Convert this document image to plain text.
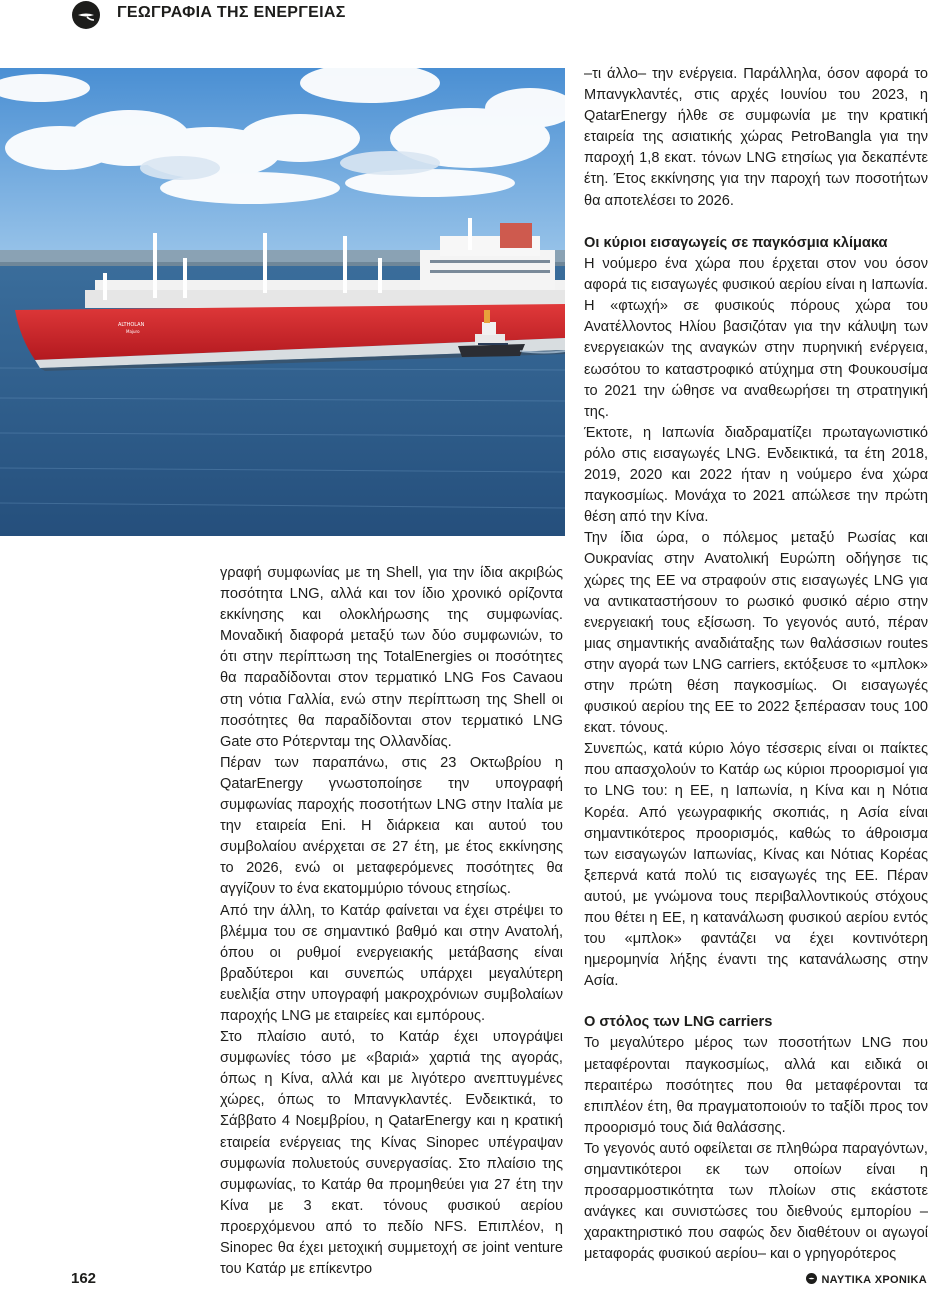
ΓΕΩΓΡΑΦΙΑ ΤΗΣ ΕΝΕΡΓΕΙΑΣ
ALTHOLAN
Majuro

γραφή συμφωνίας με τη Shell, για την ίδια ακριβώς ποσότητα LNG, αλλά και τον ίδιο χρονικό ορίζοντα εκκίνησης και ολοκλήρωσης της συμφωνίας. Μοναδική διαφορά μεταξύ των δύο συμφωνιών, το ότι στην περίπτωση της TotalEnergies οι ποσότητες θα παραδίδονται στον τερματικό LNG Fos Cavaou στη νότια Γαλλία, ενώ στην περίπτωση της Shell οι ποσότητες θα παραδίδονται στον τερματικό LNG Gate στο Ρότερνταμ της Ολλανδίας.

Πέραν των παραπάνω, στις 23 Οκτωβρίου η QatarEnergy γνωστοποίησε την υπογραφή συμφωνίας παροχής ποσοτήτων LNG στην Ιταλία με την εταιρεία Eni. Η διάρκεια και αυτού του συμβολαίου ανέρχεται σε 27 έτη, με έτος εκκίνησης το 2026, ενώ οι μεταφερόμενες ποσότητες θα αγγίζουν το ένα εκατομμύριο τόνους ετησίως.

Από την άλλη, το Κατάρ φαίνεται να έχει στρέψει το βλέμμα του σε σημαντικό βαθμό και στην Ανατολή, όπου οι ρυθμοί ενεργειακής μετάβασης είναι βραδύτεροι και συνεπώς υπάρχει μεγαλύτερη ευελιξία στην υπογραφή μακροχρόνιων συμβολαίων παροχής LNG με εταιρείες και εμπόρους.

Στο πλαίσιο αυτό, το Κατάρ έχει υπογράψει συμφωνίες τόσο με «βαριά» χαρτιά της αγοράς, όπως η Κίνα, αλλά και με λιγότερο ανεπτυγμένες χώρες, όπως το Μπανγκλαντές. Ενδεικτικά, το Σάββατο 4 Νοεμβρίου, η QatarEnergy και η κρατική εταιρεία ενέργειας της Κίνας Sinopec υπέγραψαν συμφωνία πολυετούς συνεργασίας. Στο πλαίσιο της συμφωνίας, το Κατάρ θα προμηθεύει για 27 έτη την Κίνα με 3 εκατ. τόνους φυσικού αερίου προερχόμενου από το πεδίο NFS. Επιπλέον, η Sinopec θα έχει μετοχική συμμετοχή σε joint venture του Κατάρ με επίκεντρο

–τι άλλο– την ενέργεια. Παράλληλα, όσον αφορά το Μπανγκλαντές, στις αρχές Ιουνίου του 2023, η QatarEnergy ήλθε σε συμφωνία με την κρατική εταιρεία της ασιατικής χώρας PetroBangla για την παροχή 1,8 εκατ. τόνων LNG ετησίως για δεκαπέντε έτη. Έτος εκκίνησης για την παροχή των ποσοτήτων θα αποτελέσει το 2026.

Οι κύριοι εισαγωγείς σε παγκόσμια κλίμακα

Η νούμερο ένα χώρα που έρχεται στον νου όσον αφορά τις εισαγωγές φυσικού αερίου είναι η Ιαπωνία. Η «φτωχή» σε φυσικούς πόρους χώρα του Ανατέλλοντος Ηλίου βασιζόταν για την κάλυψη των ενεργειακών της αναγκών στην πυρηνική ενέργεια, εωσότου το καταστροφικό ατύχημα στη Φουκουσίμα το 2021 την ώθησε να αναθεωρήσει τη στρατηγική της.

Έκτοτε, η Ιαπωνία διαδραματίζει πρωταγωνιστικό ρόλο στις εισαγωγές LNG. Ενδεικτικά, τα έτη 2018, 2019, 2020 και 2022 ήταν η νούμερο ένα χώρα παγκοσμίως. Μονάχα το 2021 απώλεσε την πρώτη θέση από την Κίνα.

Την ίδια ώρα, ο πόλεμος μεταξύ Ρωσίας και Ουκρανίας στην Ανατολική Ευρώπη οδήγησε τις χώρες της ΕΕ να στραφούν στις εισαγωγές LNG για να αντικαταστήσουν το ρωσικό φυσικό αέριο στην ενεργειακή τους εξίσωση. Το γεγονός αυτό, πέραν μιας σημαντικής αναδιάταξης των θαλάσσιων routes στην αγορά των LNG carriers, εκτόξευσε το «μπλοκ» στην πρώτη θέση παγκοσμίως. Οι εισαγωγές φυσικού αερίου της ΕΕ το 2022 ξεπέρασαν τους 100 εκατ. τόνους.

Συνεπώς, κατά κύριο λόγο τέσσερις είναι οι παίκτες που απασχολούν το Κατάρ ως κύριοι προορισμοί για το LNG του: η ΕΕ, η Ιαπωνία, η Κίνα και η Νότια Κορέα. Από γεωγραφικής σκοπιάς, η Ασία είναι σημαντικότερος προορισμός, καθώς το άθροισμα των εισαγωγών Ιαπωνίας, Κίνας και Νότιας Κορέας ξεπερνά κατά πολύ τις εισαγωγές της ΕΕ. Πέραν αυτού, με γνώμονα τους περιβαλλοντικούς στόχους που θέτει η ΕΕ, η κατανάλωση φυσικού αερίου εντός του «μπλοκ» φαντάζει να έχει κοντινότερη ημερομηνία λήξης έναντι της κατανάλωσης στην Ασία.

Ο στόλος των LNG carriers

Το μεγαλύτερο μέρος των ποσοτήτων LNG που μεταφέρονται παγκοσμίως, αλλά και ειδικά οι περαιτέρω ποσότητες που θα μεταφέρονται τα επιπλέον έτη, θα πραγματοποιούν το ταξίδι προς τον προορισμό τους διά θαλάσσης.

Το γεγονός αυτό οφείλεται σε πληθώρα παραγόντων, σημαντικότεροι εκ των οποίων είναι η προσαρμοστικότητα των πλοίων στις εκάστοτε ανάγκες και συνιστώσες του διεθνούς εμπορίου –χαρακτηριστικό που σαφώς δεν διαθέτουν οι αγωγοί μεταφοράς φυσικού αερίου– και ο γρηγορότερος

162	ΝΑΥΤΙΚΑ ΧΡΟΝΙΚΑ
